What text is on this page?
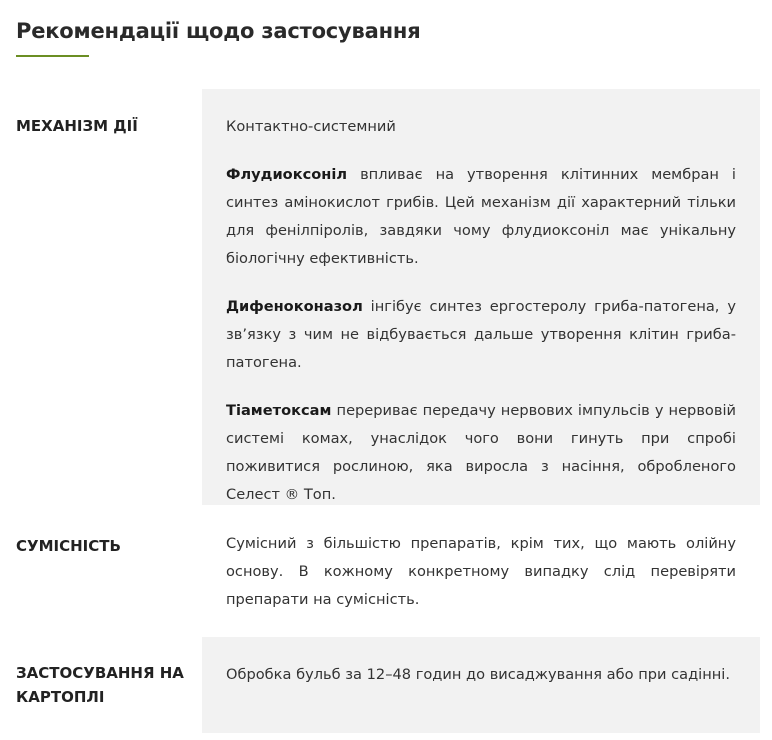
Рекомендації щодо застосування
МЕХАНІЗМ ДІЇ	Контактно-системний

Флудиоксоніл впливає на утворення клітинних мембран і синтез амінокислот грибів. Цей механізм дії характерний тільки для фенілпіролів, завдяки чому флудиоксоніл має унікальну біологічну ефективність.

Дифеноконазол інгібує синтез ергостеролу гриба-патогена, у зв’язку з чим не відбувається дальше утворення клітин гриба-патогена.

Тіаметоксам перериває передачу нервових імпульсів у нервовій системі комах, унаслідок чого вони гинуть при спробі поживитися рослиною, яка виросла з насіння, обробленого Селест ® Топ.

СУМІСНІСТЬ	Сумісний з більшістю препаратів, крім тих, що мають олійну основу. В кожному конкретному випадку слід перевіряти препарати на сумісність.

ЗАСТОСУВАННЯ НА КАРТОПЛІ

Обробка бульб за 12–48 годин до висаджування або при садінні.
